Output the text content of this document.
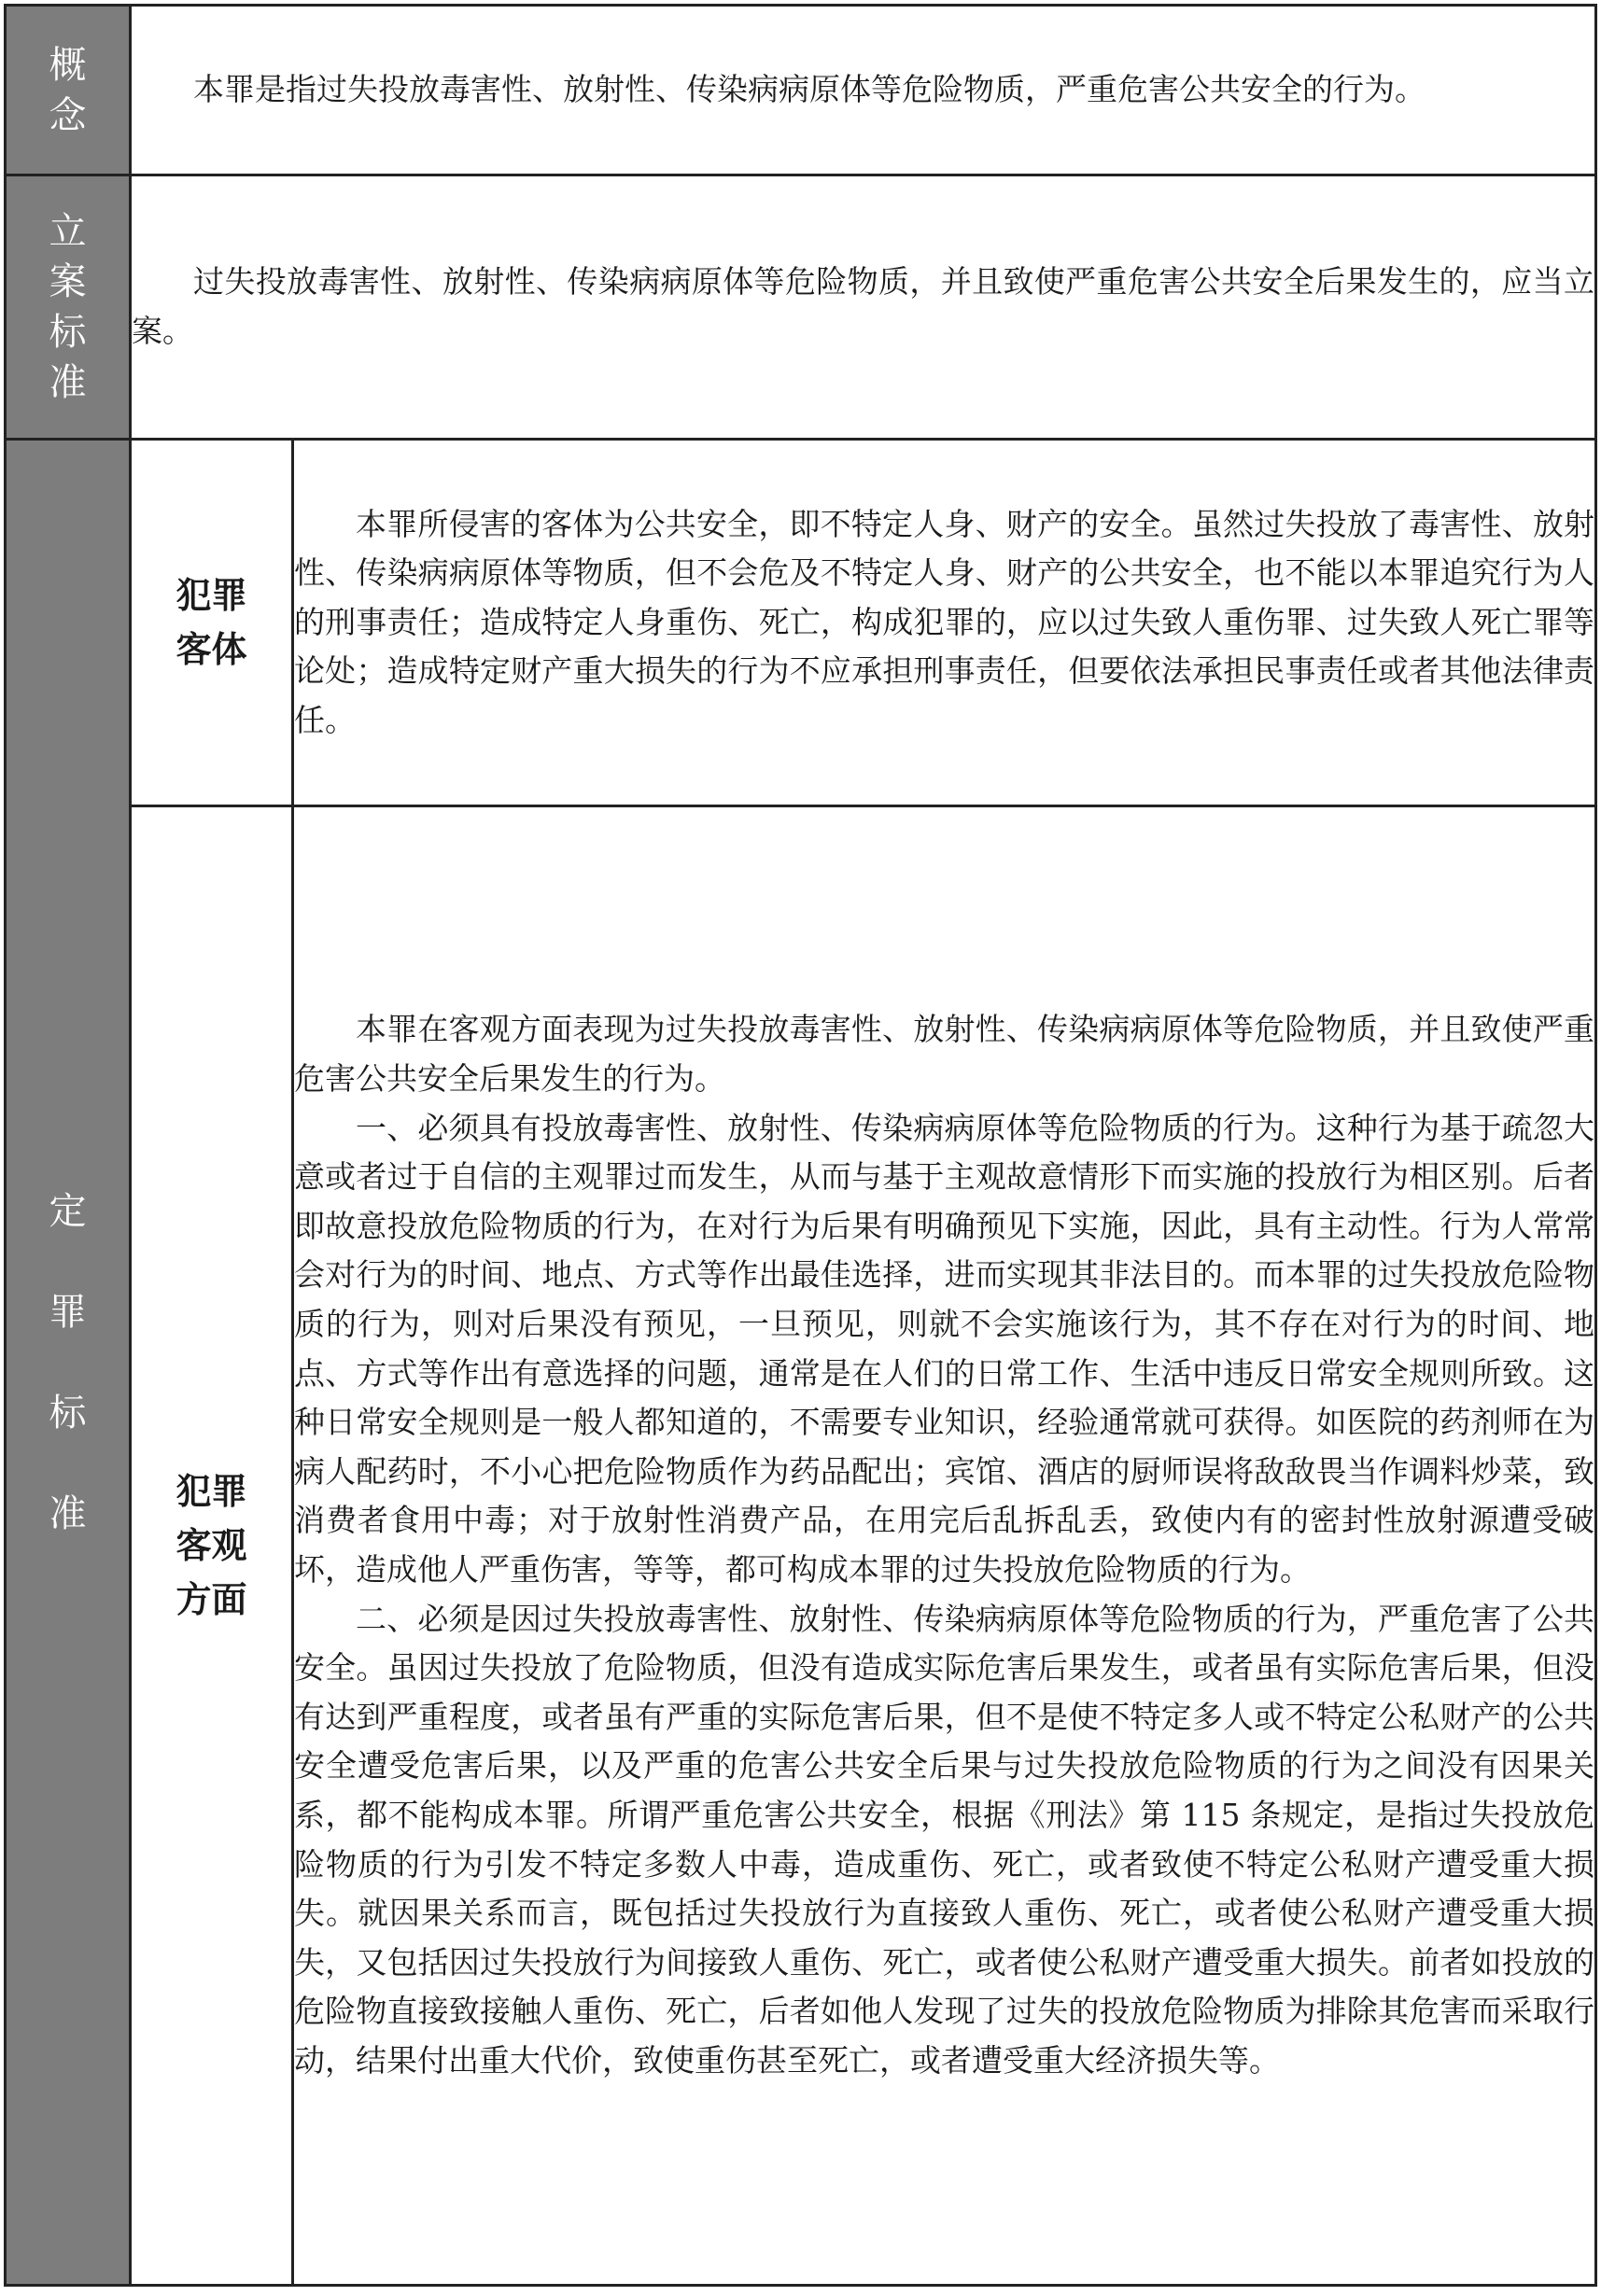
概念	本罪是指过失投放毒害性、放射性、传染病病原体等危险物质，严重危害公共安全的行为。	

立案标准	过失投放毒害性、放射性、传染病病原体等危险物质，并且致使严重危害公共安全后果发生的，应当立案。	

定罪标准	犯罪客体	本罪所侵害的客体为公共安全，即不特定人身、财产的安全。虽然过失投放了毒害性、放射性、传染病病原体等物质，但不会危及不特定人身、财产的公共安全，也不能以本罪追究行为人的刑事责任；造成特定人身重伤、死亡，构成犯罪的，应以过失致人重伤罪、过失致人死亡罪等论处；造成特定财产重大损失的行为不应承担刑事责任，但要依法承担民事责任或者其他法律责任。

	犯罪客观方面	本罪在客观方面表现为过失投放毒害性、放射性、传染病病原体等危险物质，并且致使严重危害公共安全后果发生的行为。

一、必须具有投放毒害性、放射性、传染病病原体等危险物质的行为。这种行为基于疏忽大意或者过于自信的主观罪过而发生，从而与基于主观故意情形下而实施的投放行为相区别。后者即故意投放危险物质的行为，在对行为后果有明确预见下实施，因此，具有主动性。行为人常常会对行为的时间、地点、方式等作出最佳选择，进而实现其非法目的。而本罪的过失投放危险物质的行为，则对后果没有预见，一旦预见，则就不会实施该行为，其不存在对行为的时间、地点、方式等作出有意选择的问题，通常是在人们的日常工作、生活中违反日常安全规则所致。这种日常安全规则是一般人都知道的，不需要专业知识，经验通常就可获得。如医院的药剂师在为病人配药时，不小心把危险物质作为药品配出；宾馆、酒店的厨师误将敌敌畏当作调料炒菜，致消费者食用中毒；对于放射性消费产品，在用完后乱拆乱丢，致使内有的密封性放射源遭受破坏，造成他人严重伤害，等等，都可构成本罪的过失投放危险物质的行为。

二、必须是因过失投放毒害性、放射性、传染病病原体等危险物质的行为，严重危害了公共安全。虽因过失投放了危险物质，但没有造成实际危害后果发生，或者虽有实际危害后果，但没有达到严重程度，或者虽有严重的实际危害后果，但不是使不特定多人或不特定公私财产的公共安全遭受危害后果，以及严重的危害公共安全后果与过失投放危险物质的行为之间没有因果关系，都不能构成本罪。所谓严重危害公共安全，根据《刑法》第 115 条规定，是指过失投放危险物质的行为引发不特定多数人中毒，造成重伤、死亡，或者致使不特定公私财产遭受重大损失。就因果关系而言，既包括过失投放行为直接致人重伤、死亡，或者使公私财产遭受重大损失，又包括因过失投放行为间接致人重伤、死亡，或者使公私财产遭受重大损失。前者如投放的危险物直接致接触人重伤、死亡，后者如他人发现了过失的投放危险物质为排除其危害而采取行动，结果付出重大代价，致使重伤甚至死亡，或者遭受重大经济损失等。
